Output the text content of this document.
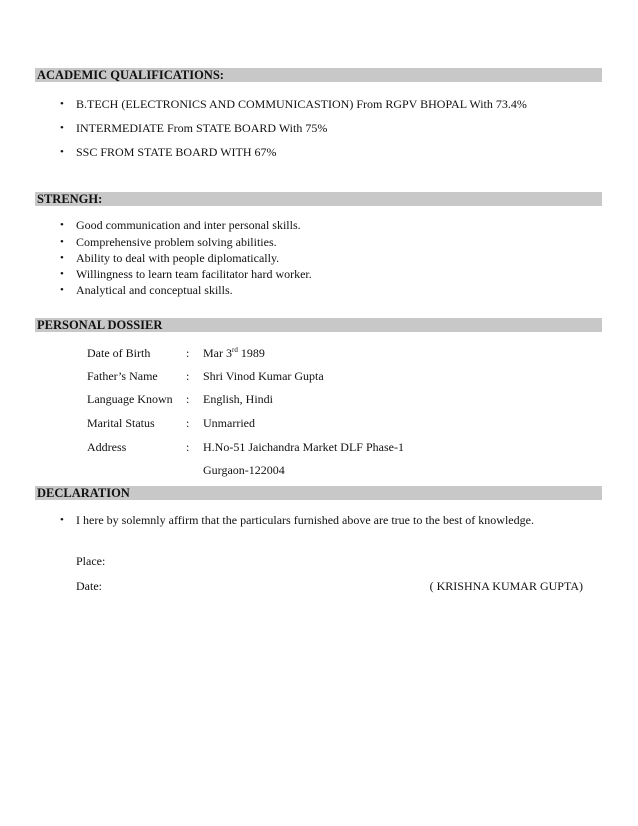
ACADEMIC QUALIFICATIONS:
• B.TECH (ELECTRONICS AND COMMUNICASTION) From RGPV BHOPAL With 73.4%
• INTERMEDIATE From STATE BOARD With 75%
• SSC FROM STATE BOARD WITH 67%
STRENGH:
• Good communication and inter personal skills.
• Comprehensive problem solving abilities.
• Ability to deal with people diplomatically.
• Willingness to learn team facilitator hard worker.
• Analytical and conceptual skills.
PERSONAL DOSSIER
Date of Birth	: Mar 3rd 1989
Father’s Name : Shri Vinod Kumar Gupta
Language Known : English, Hindi
Marital Status	: Unmarried
Address	: H.No-51 Jaichandra Market DLF Phase-1
Gurgaon-122004
DECLARATION
• I here by solemnly affirm that the particulars furnished above are true to the best of knowledge.
Place:
Date:	( KRISHNA KUMAR GUPTA)
